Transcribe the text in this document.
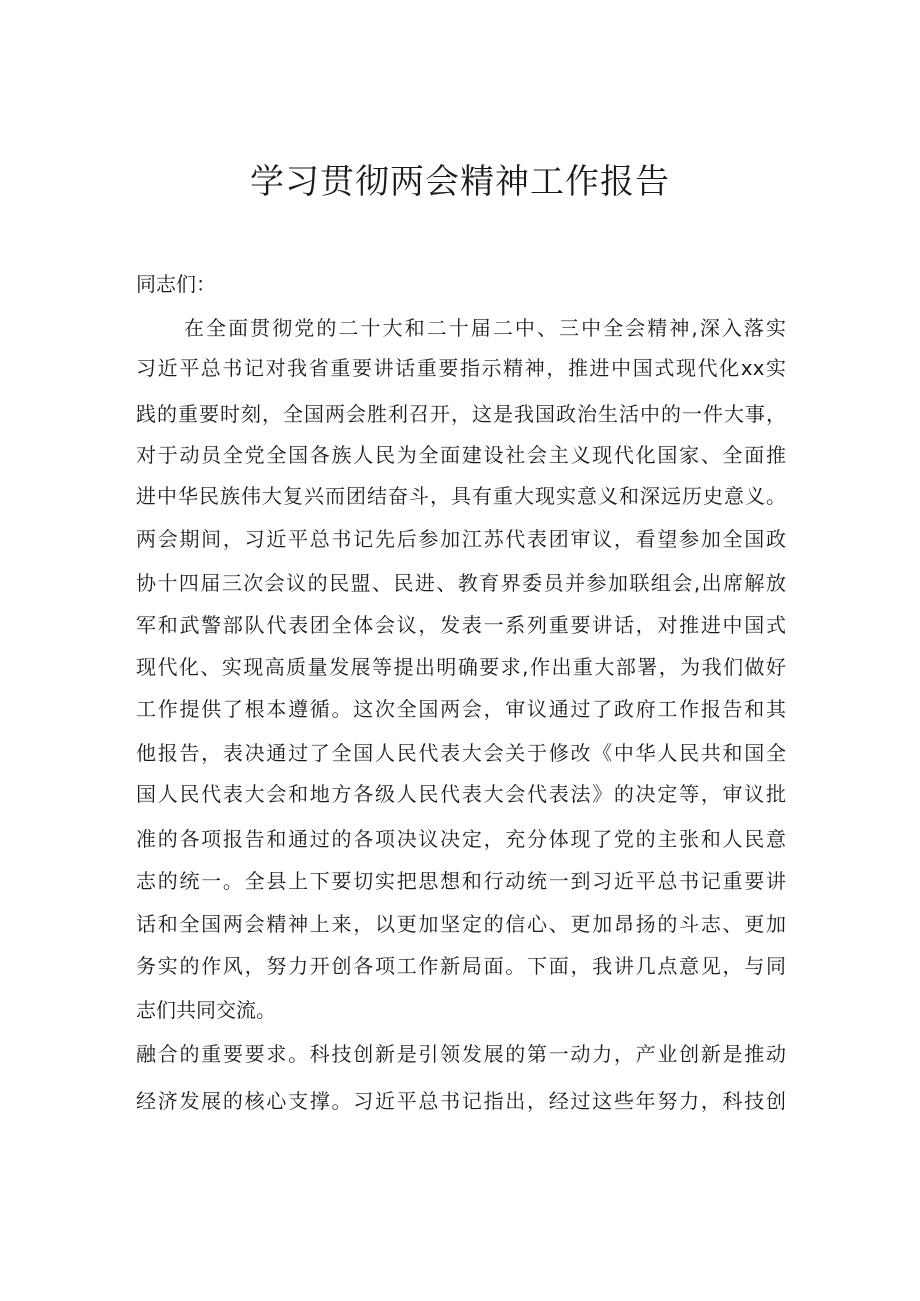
学习贯彻两会精神工作报告

同志们：

在全面贯彻党的二十大和二十届二中、三中全会精神,深入落实

习近平总书记对我省重要讲话重要指示精神，推进中国式现代化xx实

践的重要时刻，全国两会胜利召开，这是我国政治生活中的一件大事，

对于动员全党全国各族人民为全面建设社会主义现代化国家、全面推

进中华民族伟大复兴而团结奋斗，具有重大现实意义和深远历史意义。

两会期间，习近平总书记先后参加江苏代表团审议，看望参加全国政

协十四届三次会议的民盟、民进、教育界委员并参加联组会,出席解放

军和武警部队代表团全体会议，发表一系列重要讲话，对推进中国式

现代化、实现高质量发展等提出明确要求,作出重大部署，为我们做好

工作提供了根本遵循。这次全国两会，审议通过了政府工作报告和其

他报告，表决通过了全国人民代表大会关于修改《中华人民共和国全

国人民代表大会和地方各级人民代表大会代表法》的决定等，审议批

准的各项报告和通过的各项决议决定，充分体现了党的主张和人民意

志的统一。全县上下要切实把思想和行动统一到习近平总书记重要讲

话和全国两会精神上来，以更加坚定的信心、更加昂扬的斗志、更加

务实的作风，努力开创各项工作新局面。下面，我讲几点意见，与同

志们共同交流。

融合的重要要求。科技创新是引领发展的第一动力，产业创新是推动

经济发展的核心支撑。习近平总书记指出，经过这些年努力，科技创
